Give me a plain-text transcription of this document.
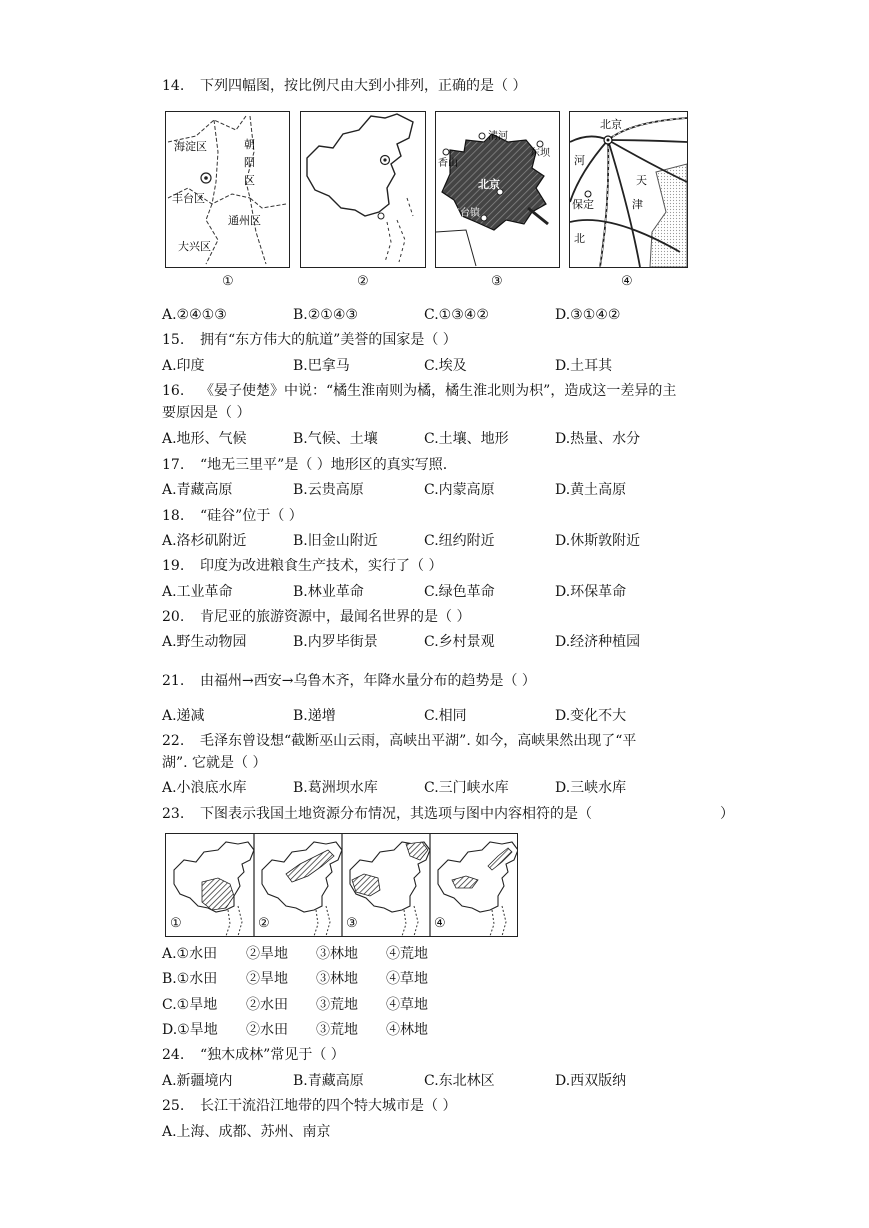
14. 下列四幅图，按比例尺由大到小排列，正确的是（ ）
海淀区	朝
阳
区
丰台区
通州区
大兴区
①	②
清河
香山
东坝
北京
丰台镇
③
北京
河
保定
天
津
北
④
A.②④①③	B.②①④③	C.①③④②	D.③①④②
15. 拥有“东方伟大的航道”美誉的国家是（ ）
A.印度	B.巴拿马	C.埃及	D.土耳其
16. 《晏子使楚》中说：“橘生淮南则为橘，橘生淮北则为枳”，造成这一差异的主
要原因是（ ）
A.地形、气候	B.气候、土壤	C.土壤、地形	D.热量、水分
17. “地无三里平”是（ ）地形区的真实写照.
A.青藏高原	B.云贵高原	C.内蒙高原	D.黄土高原
18. “硅谷”位于（ ）
A.洛杉矶附近	B.旧金山附近	C.纽约附近	D.休斯敦附近
19. 印度为改进粮食生产技术，实行了（ ）
A.工业革命	B.林业革命	C.绿色革命	D.环保革命
20. 肯尼亚的旅游资源中，最闻名世界的是（ ）
A.野生动物园	B.内罗毕街景	C.乡村景观	D.经济种植园
21. 由福州→西安→乌鲁木齐，年降水量分布的趋势是（ ）
A.递减	B.递增	C.相同	D.变化不大
22. 毛泽东曾设想“截断巫山云雨，高峡出平湖”. 如今，高峡果然出现了“平
湖”. 它就是（ ）
A.小浪底水库	B.葛洲坝水库	C.三门峡水库	D.三峡水库
23. 下图表示我国土地资源分布情况，其选项与图中内容相符的是（	）
①	②	③	④
A.①水田 ②旱地 ③林地 ④荒地
B.①水田 ②旱地 ③林地 ④草地
C.①旱地 ②水田 ③荒地 ④草地
D.①旱地 ②水田 ③荒地 ④林地
24. “独木成林”常见于（ ）
A.新疆境内	B.青藏高原	C.东北林区	D.西双版纳
25. 长江干流沿江地带的四个特大城市是（ ）
A.上海、成都、苏州、南京
